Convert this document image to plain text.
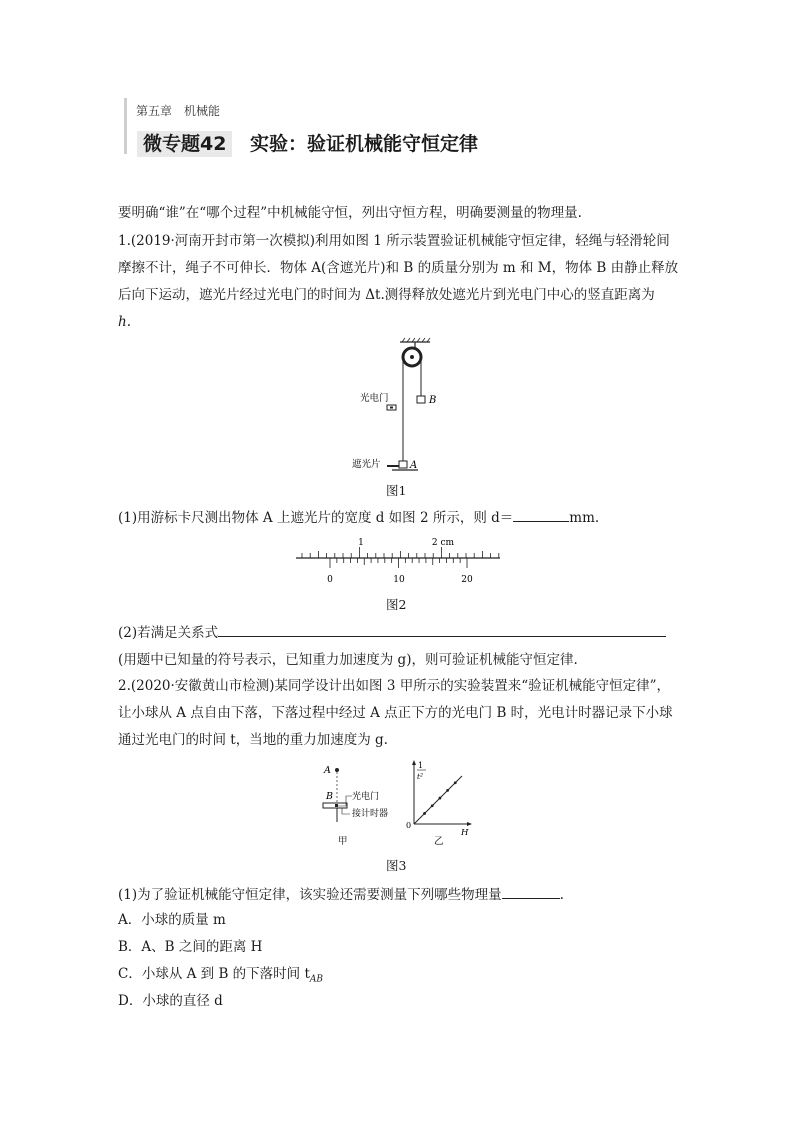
第五章　机械能
微专题42	实验：验证机械能守恒定律
要明确“谁”在“哪个过程”中机械能守恒，列出守恒方程，明确要测量的物理量.
1.(2019·河南开封市第一次模拟)利用如图 1 所示装置验证机械能守恒定律，轻绳与轻滑轮间
摩擦不计，绳子不可伸长．物体 A(含遮光片)和 B 的质量分别为 m 和 M，物体 B 由静止释放
后向下运动，遮光片经过光电门的时间为 Δt.测得释放处遮光片到光电门中心的竖直距离为
h.
B
光电门
遮光片	A
图1
(1)用游标卡尺测出物体 A 上遮光片的宽度 d 如图 2 所示，则 d＝	mm.
1	2 cm
0	10	20
图2
(2)若满足关系式
(用题中已知量的符号表示，已知重力加速度为 g)，则可验证机械能守恒定律.
2.(2020·安徽黄山市检测)某同学设计出如图 3 甲所示的实验装置来“验证机械能守恒定律”，
让小球从 A 点自由下落，下落过程中经过 A 点正下方的光电门 B 时，光电计时器记录下小球
通过光电门的时间 t，当地的重力加速度为 g.
A
B 光电门
接计时器
甲
1
t²
H
0
乙
图3
(1)为了验证机械能守恒定律，该实验还需要测量下列哪些物理量	.
A．小球的质量 m
B．A、B 之间的距离 H
C．小球从 A 到 B 的下落时间 $t_{AB}$
D．小球的直径 d
